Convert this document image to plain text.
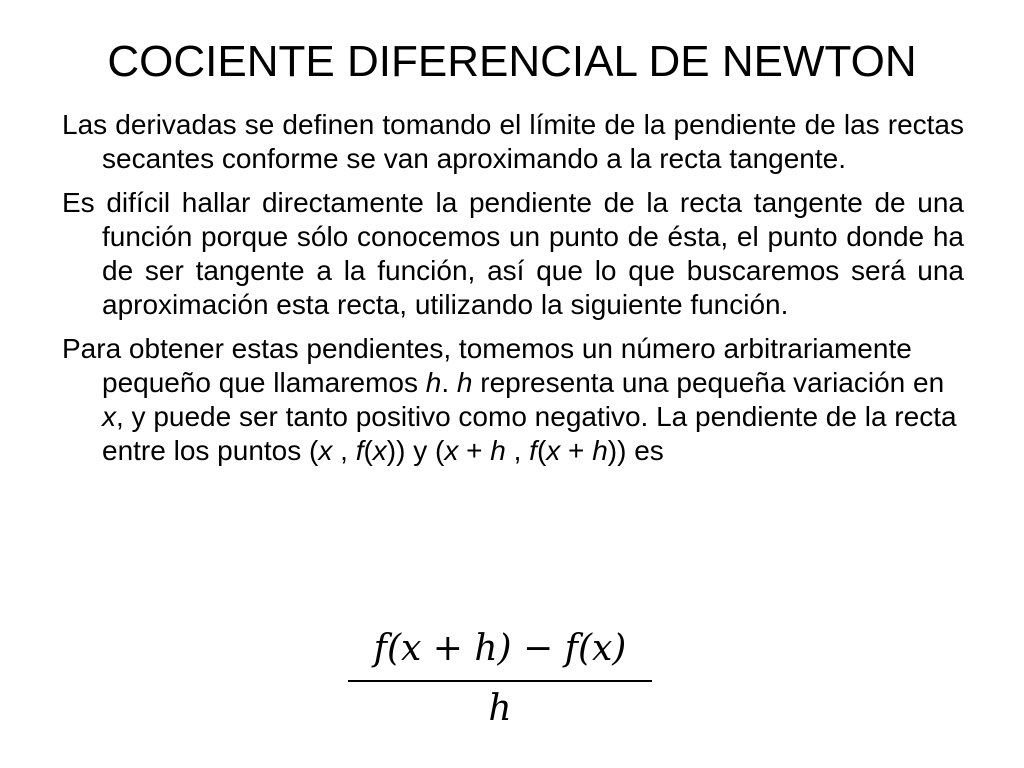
COCIENTE DIFERENCIAL DE NEWTON

Las derivadas se definen tomando el límite de la pendiente de las rectas secantes conforme se van aproximando a la recta tangente.

Es difícil hallar directamente la pendiente de la recta tangente de una función porque sólo conocemos un punto de ésta, el punto donde ha de ser tangente a la función, así que lo que buscaremos será una aproximación esta recta, utilizando la siguiente función.

Para obtener estas pendientes, tomemos un número arbitrariamente pequeño que llamaremos h. h representa una pequeña variación en x, y puede ser tanto positivo como negativo. La pendiente de la recta entre los puntos (x , f(x)) y (x + h , f(x + h)) es

$\frac{f(x + h) - f(x)}{h}$
